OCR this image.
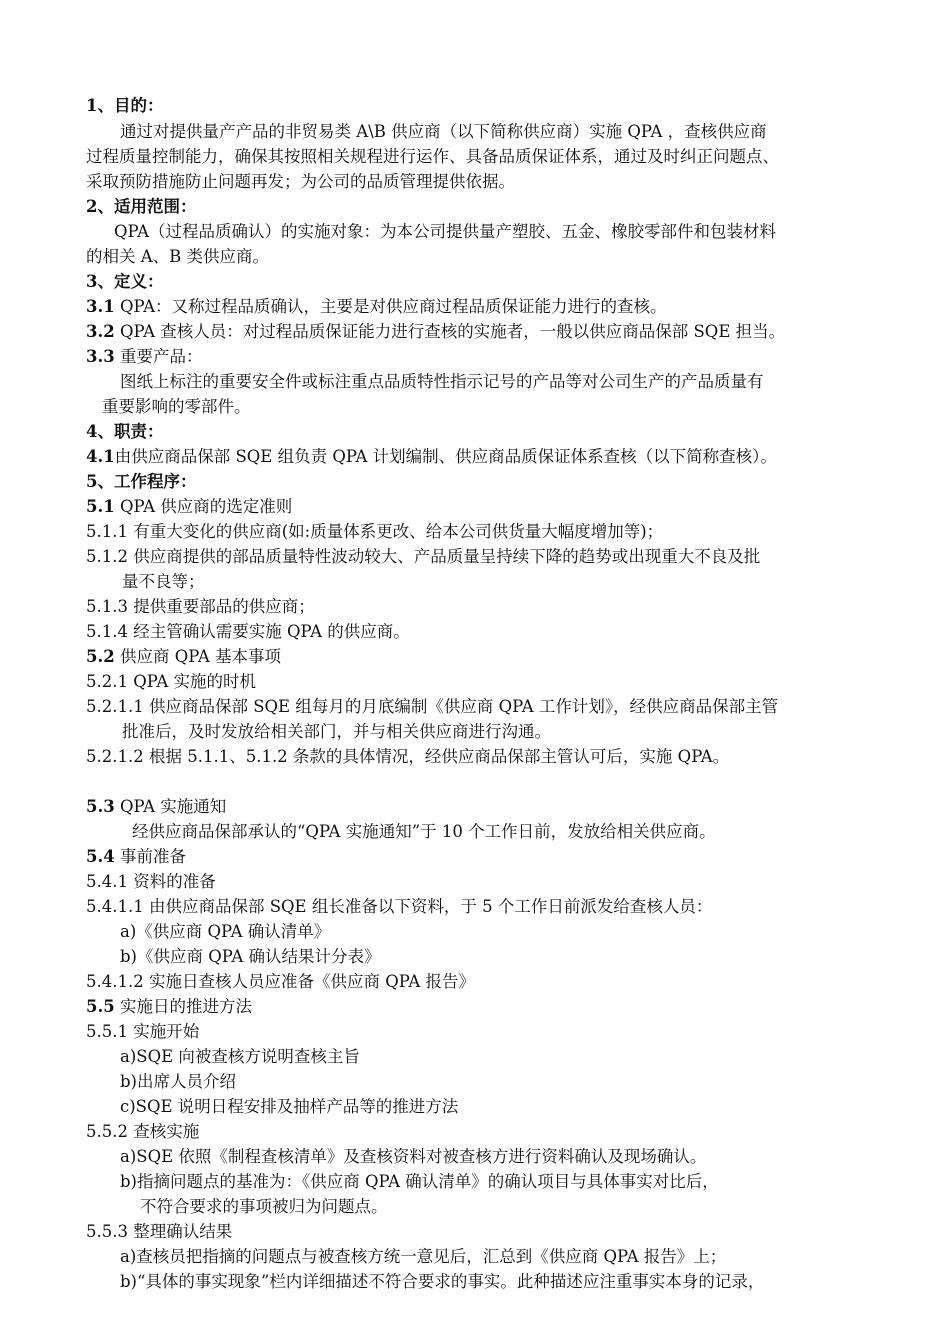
1、目的：
通过对提供量产产品的非贸易类 A\B 供应商（以下简称供应商）实施 QPA ，查核供应商
过程质量控制能力，确保其按照相关规程进行运作、具备品质保证体系，通过及时纠正问题点、
采取预防措施防止问题再发；为公司的品质管理提供依据。
2、适用范围：
QPA（过程品质确认）的实施对象：为本公司提供量产塑胶、五金、橡胶零部件和包装材料
的相关 A、B 类供应商。
3、定义：
3.1 QPA：又称过程品质确认，主要是对供应商过程品质保证能力进行的查核。
3.2 QPA 查核人员：对过程品质保证能力进行查核的实施者，一般以供应商品保部 SQE 担当。
3.3 重要产品：
图纸上标注的重要安全件或标注重点品质特性指示记号的产品等对公司生产的产品质量有
重要影响的零部件。
4、职责：
4.1由供应商品保部 SQE 组负责 QPA 计划编制、供应商品质保证体系查核（以下简称查核）。
5、工作程序：
5.1 QPA 供应商的选定准则
5.1.1 有重大变化的供应商(如:质量体系更改、给本公司供货量大幅度增加等)；
5.1.2 供应商提供的部品质量特性波动较大、产品质量呈持续下降的趋势或出现重大不良及批
量不良等；
5.1.3 提供重要部品的供应商；
5.1.4 经主管确认需要实施 QPA 的供应商。
5.2 供应商 QPA 基本事项
5.2.1 QPA 实施的时机
5.2.1.1 供应商品保部 SQE 组每月的月底编制《供应商 QPA 工作计划》，经供应商品保部主管
批准后，及时发放给相关部门，并与相关供应商进行沟通。
5.2.1.2 根据 5.1.1、5.1.2 条款的具体情况，经供应商品保部主管认可后，实施 QPA。
5.3 QPA 实施通知
经供应商品保部承认的“QPA 实施通知”于 10 个工作日前，发放给相关供应商。
5.4 事前准备
5.4.1 资料的准备
5.4.1.1 由供应商品保部 SQE 组长准备以下资料，于 5 个工作日前派发给查核人员：
a)《供应商 QPA 确认清单》
b)《供应商 QPA 确认结果计分表》
5.4.1.2 实施日查核人员应准备《供应商 QPA 报告》
5.5 实施日的推进方法
5.5.1 实施开始
a)SQE 向被查核方说明查核主旨
b)出席人员介绍
c)SQE 说明日程安排及抽样产品等的推进方法
5.5.2 查核实施
a)SQE 依照《制程查核清单》及查核资料对被查核方进行资料确认及现场确认。
b)指摘问题点的基准为：《供应商 QPA 确认清单》的确认项目与具体事实对比后，
不符合要求的事项被归为问题点。
5.5.3 整理确认结果
a)查核员把指摘的问题点与被查核方统一意见后，汇总到《供应商 QPA 报告》上；
b)“具体的事实现象”栏内详细描述不符合要求的事实。此种描述应注重事实本身的记录，
